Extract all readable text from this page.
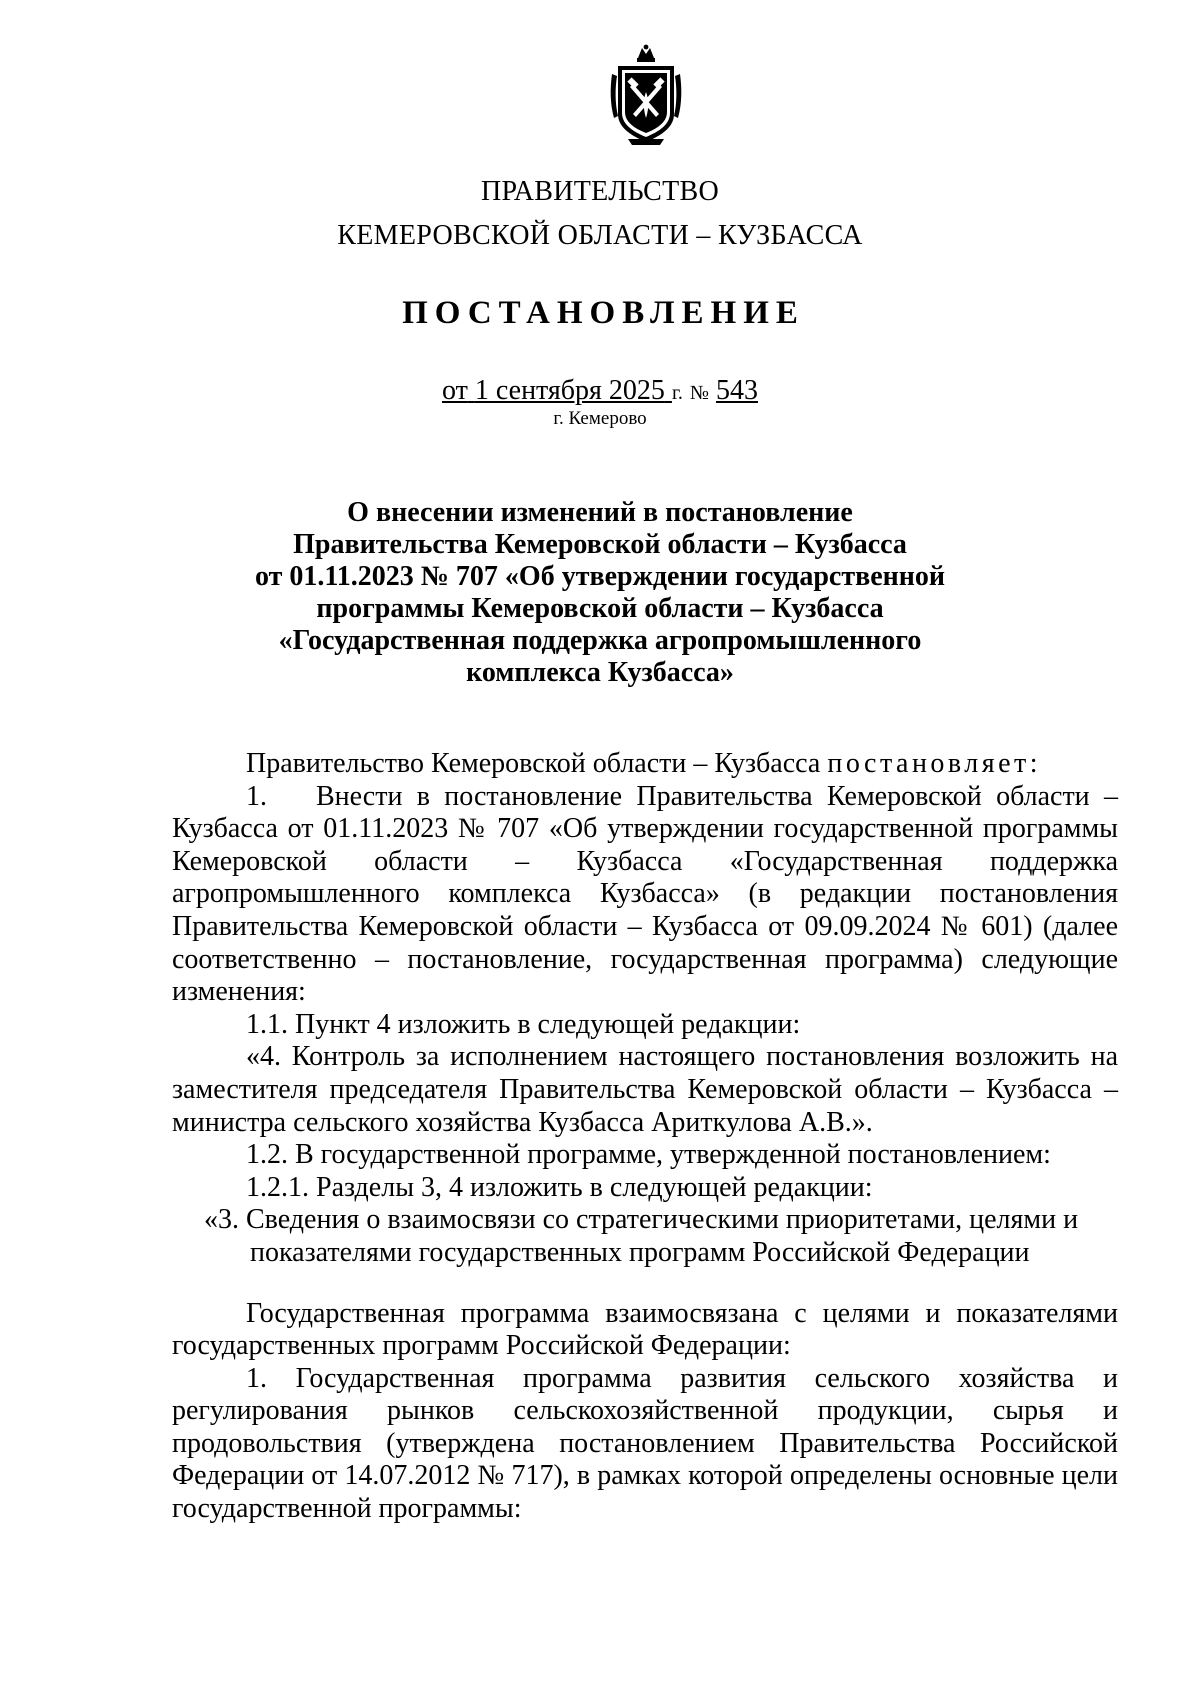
ПРАВИТЕЛЬСТВО
КЕМЕРОВСКОЙ ОБЛАСТИ – КУЗБАССА
ПОСТАНОВЛЕНИЕ
от 1 сентября 2025 г. № 543
г. Кемерово
О внесении изменений в постановление
Правительства Кемеровской области – Кузбасса
от 01.11.2023 № 707 «Об утверждении государственной
программы Кемеровской области – Кузбасса
«Государственная поддержка агропромышленного
комплекса Кузбасса»

Правительство Кемеровской области – Кузбасса постановляет:

1. Внести в постановление Правительства Кемеровской области – Кузбасса от 01.11.2023 № 707 «Об утверждении государственной программы Кемеровской области – Кузбасса «Государственная поддержка агропромышленного комплекса Кузбасса» (в редакции постановления Правительства Кемеровской области – Кузбасса от 09.09.2024 № 601) (далее соответственно – постановление, государственная программа) следующие изменения:

1.1. Пункт 4 изложить в следующей редакции:

«4. Контроль за исполнением настоящего постановления возложить на заместителя председателя Правительства Кемеровской области – Кузбасса – министра сельского хозяйства Кузбасса Ариткулова А.В.».

1.2. В государственной программе, утвержденной постановлением:

1.2.1. Разделы 3, 4 изложить в следующей редакции:

«3. Сведения о взаимосвязи со стратегическими приоритетами, целями и
показателями государственных программ Российской Федерации

Государственная программа взаимосвязана с целями и показателями государственных программ Российской Федерации:

1. Государственная программа развития сельского хозяйства и регулирования рынков сельскохозяйственной продукции, сырья и продовольствия (утверждена постановлением Правительства Российской Федерации от 14.07.2012 № 717), в рамках которой определены основные цели государственной программы:
